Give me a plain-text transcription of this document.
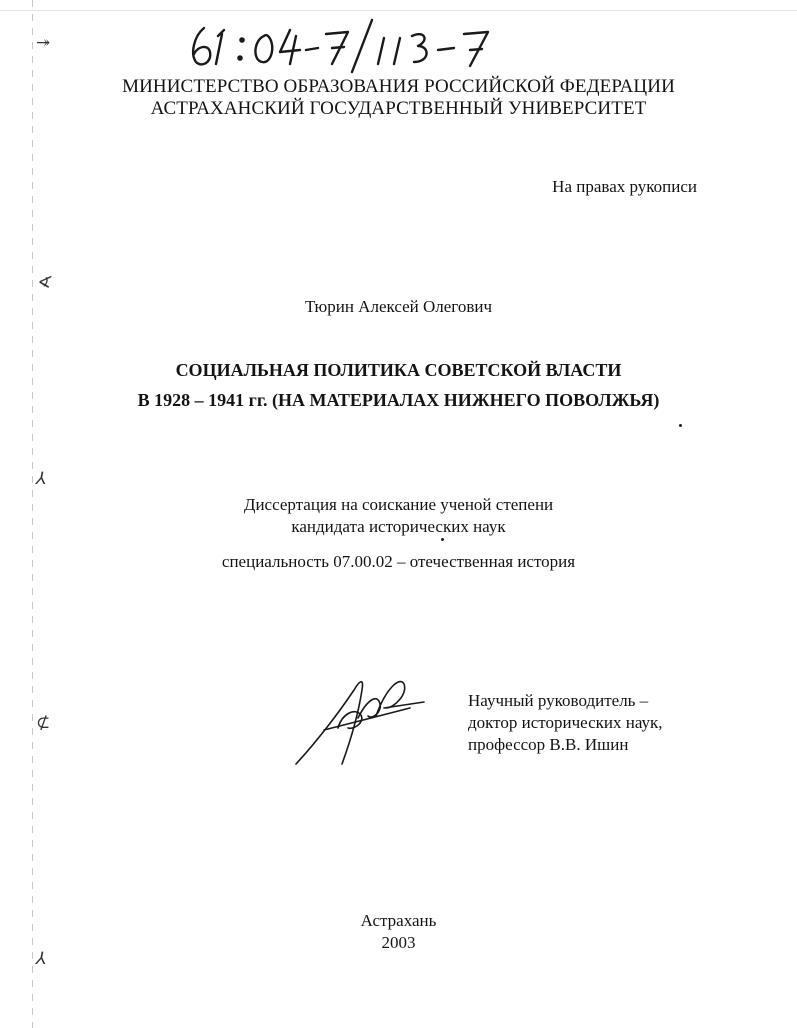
↠
∢
⅄
⊄
⅄
МИНИСТЕРСТВО ОБРАЗОВАНИЯ РОССИЙСКОЙ ФЕДЕРАЦИИ
АСТРАХАНСКИЙ ГОСУДАРСТВЕННЫЙ УНИВЕРСИТЕТ
На правах рукописи
Тюрин Алексей Олегович
СОЦИАЛЬНАЯ ПОЛИТИКА СОВЕТСКОЙ ВЛАСТИ
В 1928 – 1941 гг. (НА МАТЕРИАЛАХ НИЖНЕГО ПОВОЛЖЬЯ)
Диссертация на соискание ученой степени
кандидата исторических наук
специальность 07.00.02 – отечественная история
Научный руководитель –
доктор исторических наук,
профессор В.В. Ишин
Астрахань
2003
